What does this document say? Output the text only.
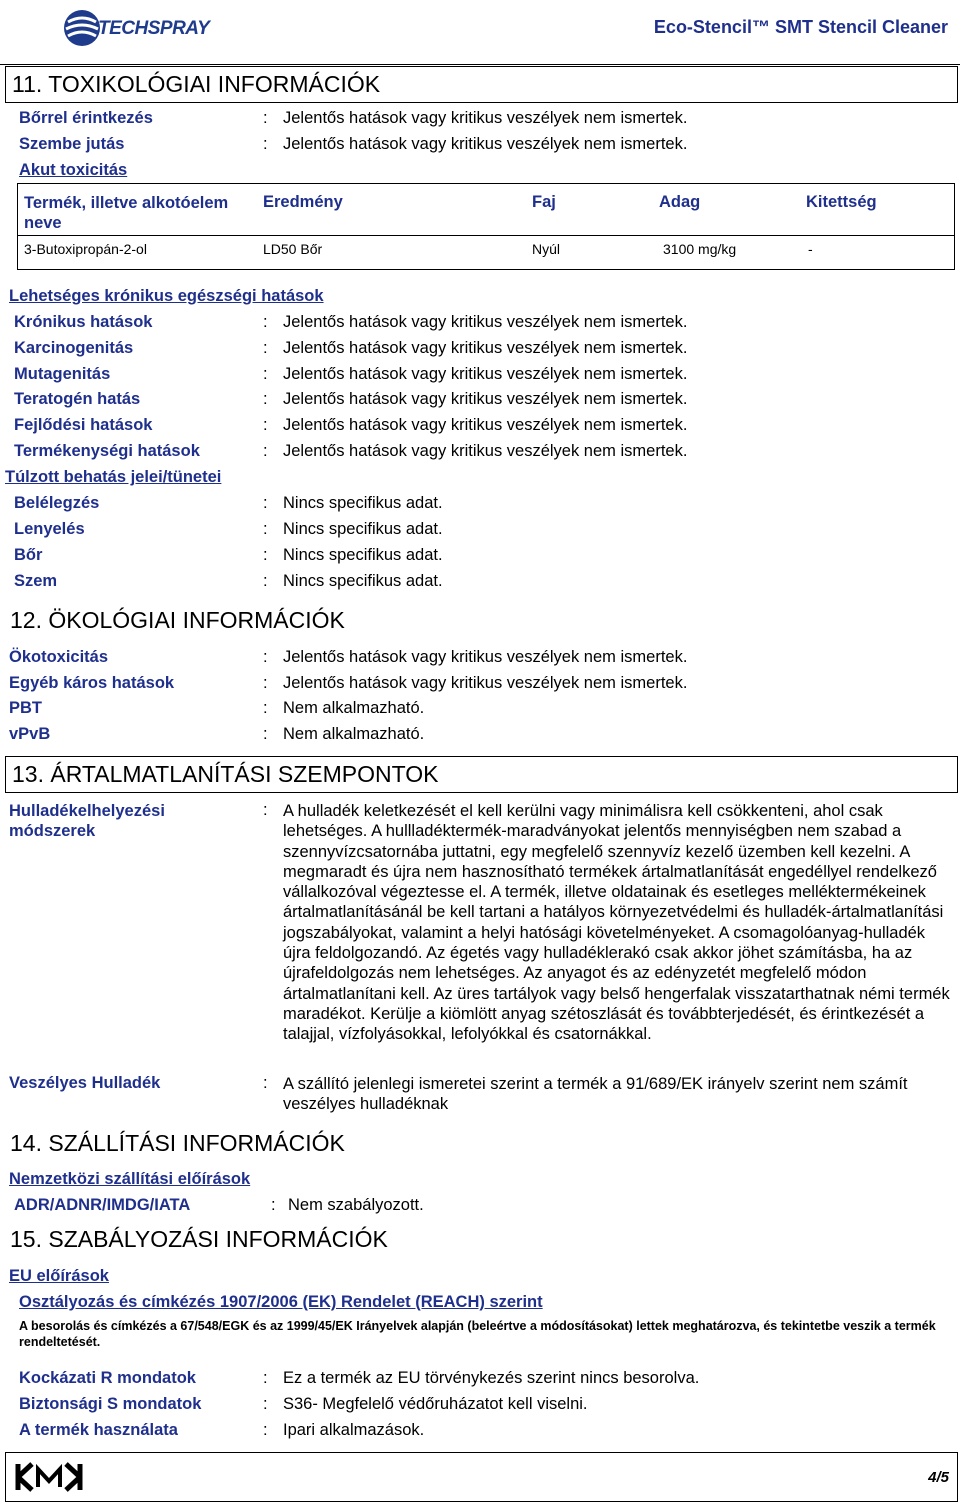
TECHSPRAY	Eco-Stencil™ SMT Stencil Cleaner
11. TOXIKOLÓGIAI INFORMÁCIÓK
Bőrrel érintkezés	: Jelentős hatások vagy kritikus veszélyek nem ismertek.
Szembe jutás	: Jelentős hatások vagy kritikus veszélyek nem ismertek.
Akut toxicitás
Termék, illetve alkotóelem neve
Eredmény	Faj	Adag	Kitettség
3-Butoxipropán-2-ol	LD50 Bőr	Nyúl	3100 mg/kg	-
Lehetséges krónikus egészségi hatások
Krónikus hatások	: Jelentős hatások vagy kritikus veszélyek nem ismertek.
Karcinogenitás	: Jelentős hatások vagy kritikus veszélyek nem ismertek.
Mutagenitás	: Jelentős hatások vagy kritikus veszélyek nem ismertek.
Teratogén hatás	: Jelentős hatások vagy kritikus veszélyek nem ismertek.
Fejlődési hatások	: Jelentős hatások vagy kritikus veszélyek nem ismertek.
Termékenységi hatások	: Jelentős hatások vagy kritikus veszélyek nem ismertek.
Túlzott behatás jelei/tünetei
Belélegzés	: Nincs specifikus adat.
Lenyelés	: Nincs specifikus adat.
Bőr	: Nincs specifikus adat.
Szem	: Nincs specifikus adat.
12. ÖKOLÓGIAI INFORMÁCIÓK
Ökotoxicitás	: Jelentős hatások vagy kritikus veszélyek nem ismertek.
Egyéb káros hatások	: Jelentős hatások vagy kritikus veszélyek nem ismertek.
PBT	: Nem alkalmazható.
vPvB	: Nem alkalmazható.
13. ÁRTALMATLANÍTÁSI SZEMPONTOK
Hulladékelhelyezési módszerek
: A hulladék keletkezését el kell kerülni vagy minimálisra kell csökkenteni, ahol csak lehetséges. A hullladéktermék-maradványokat jelentős mennyiségben nem szabad a szennyvízcsatornába juttatni, egy megfelelő szennyvíz kezelő üzemben kell kezelni. A megmaradt és újra nem hasznosítható termékek ártalmatlanítását engedéllyel rendelkező vállalkozóval végeztesse el. A termék, illetve oldatainak és esetleges melléktermékeinek ártalmatlanításánál be kell tartani a hatályos környezetvédelmi és hulladék-ártalmatlanítási jogszabályokat, valamint a helyi hatósági követelményeket. A csomagolóanyag-hulladék újra feldolgozandó. Az égetés vagy hulladéklerakó csak akkor jöhet számításba, ha az újrafeldolgozás nem lehetséges. Az anyagot és az edényzetét megfelelő módon ártalmatlanítani kell. Az üres tartályok vagy belső hengerfalak visszatarthatnak némi termék maradékot. Kerülje a kiömlött anyag szétoszlását és továbbterjedését, és érintkezését a talajjal, vízfolyásokkal, lefolyókkal és csatornákkal.
Veszélyes Hulladék	: A szállító jelenlegi ismeretei szerint a termék a 91/689/EK irányelv szerint nem számít veszélyes hulladéknak
14. SZÁLLÍTÁSI INFORMÁCIÓK
Nemzetközi szállítási előírások
ADR/ADNR/IMDG/IATA	: Nem szabályozott.
15. SZABÁLYOZÁSI INFORMÁCIÓK
EU előírások
Osztályozás és címkézés 1907/2006 (EK) Rendelet (REACH) szerint
A besorolás és címkézés a 67/548/EGK és az 1999/45/EK Irányelvek alapján (beleértve a módosításokat) lettek meghatározva, és tekintetbe veszik a termék rendeltetését.
Kockázati R mondatok	: Ez a termék az EU törvénykezés szerint nincs besorolva.
Biztonsági S mondatok	: S36- Megfelelő védőruházatot kell viselni.
A termék használata	: Ipari alkalmazások.
4/5
